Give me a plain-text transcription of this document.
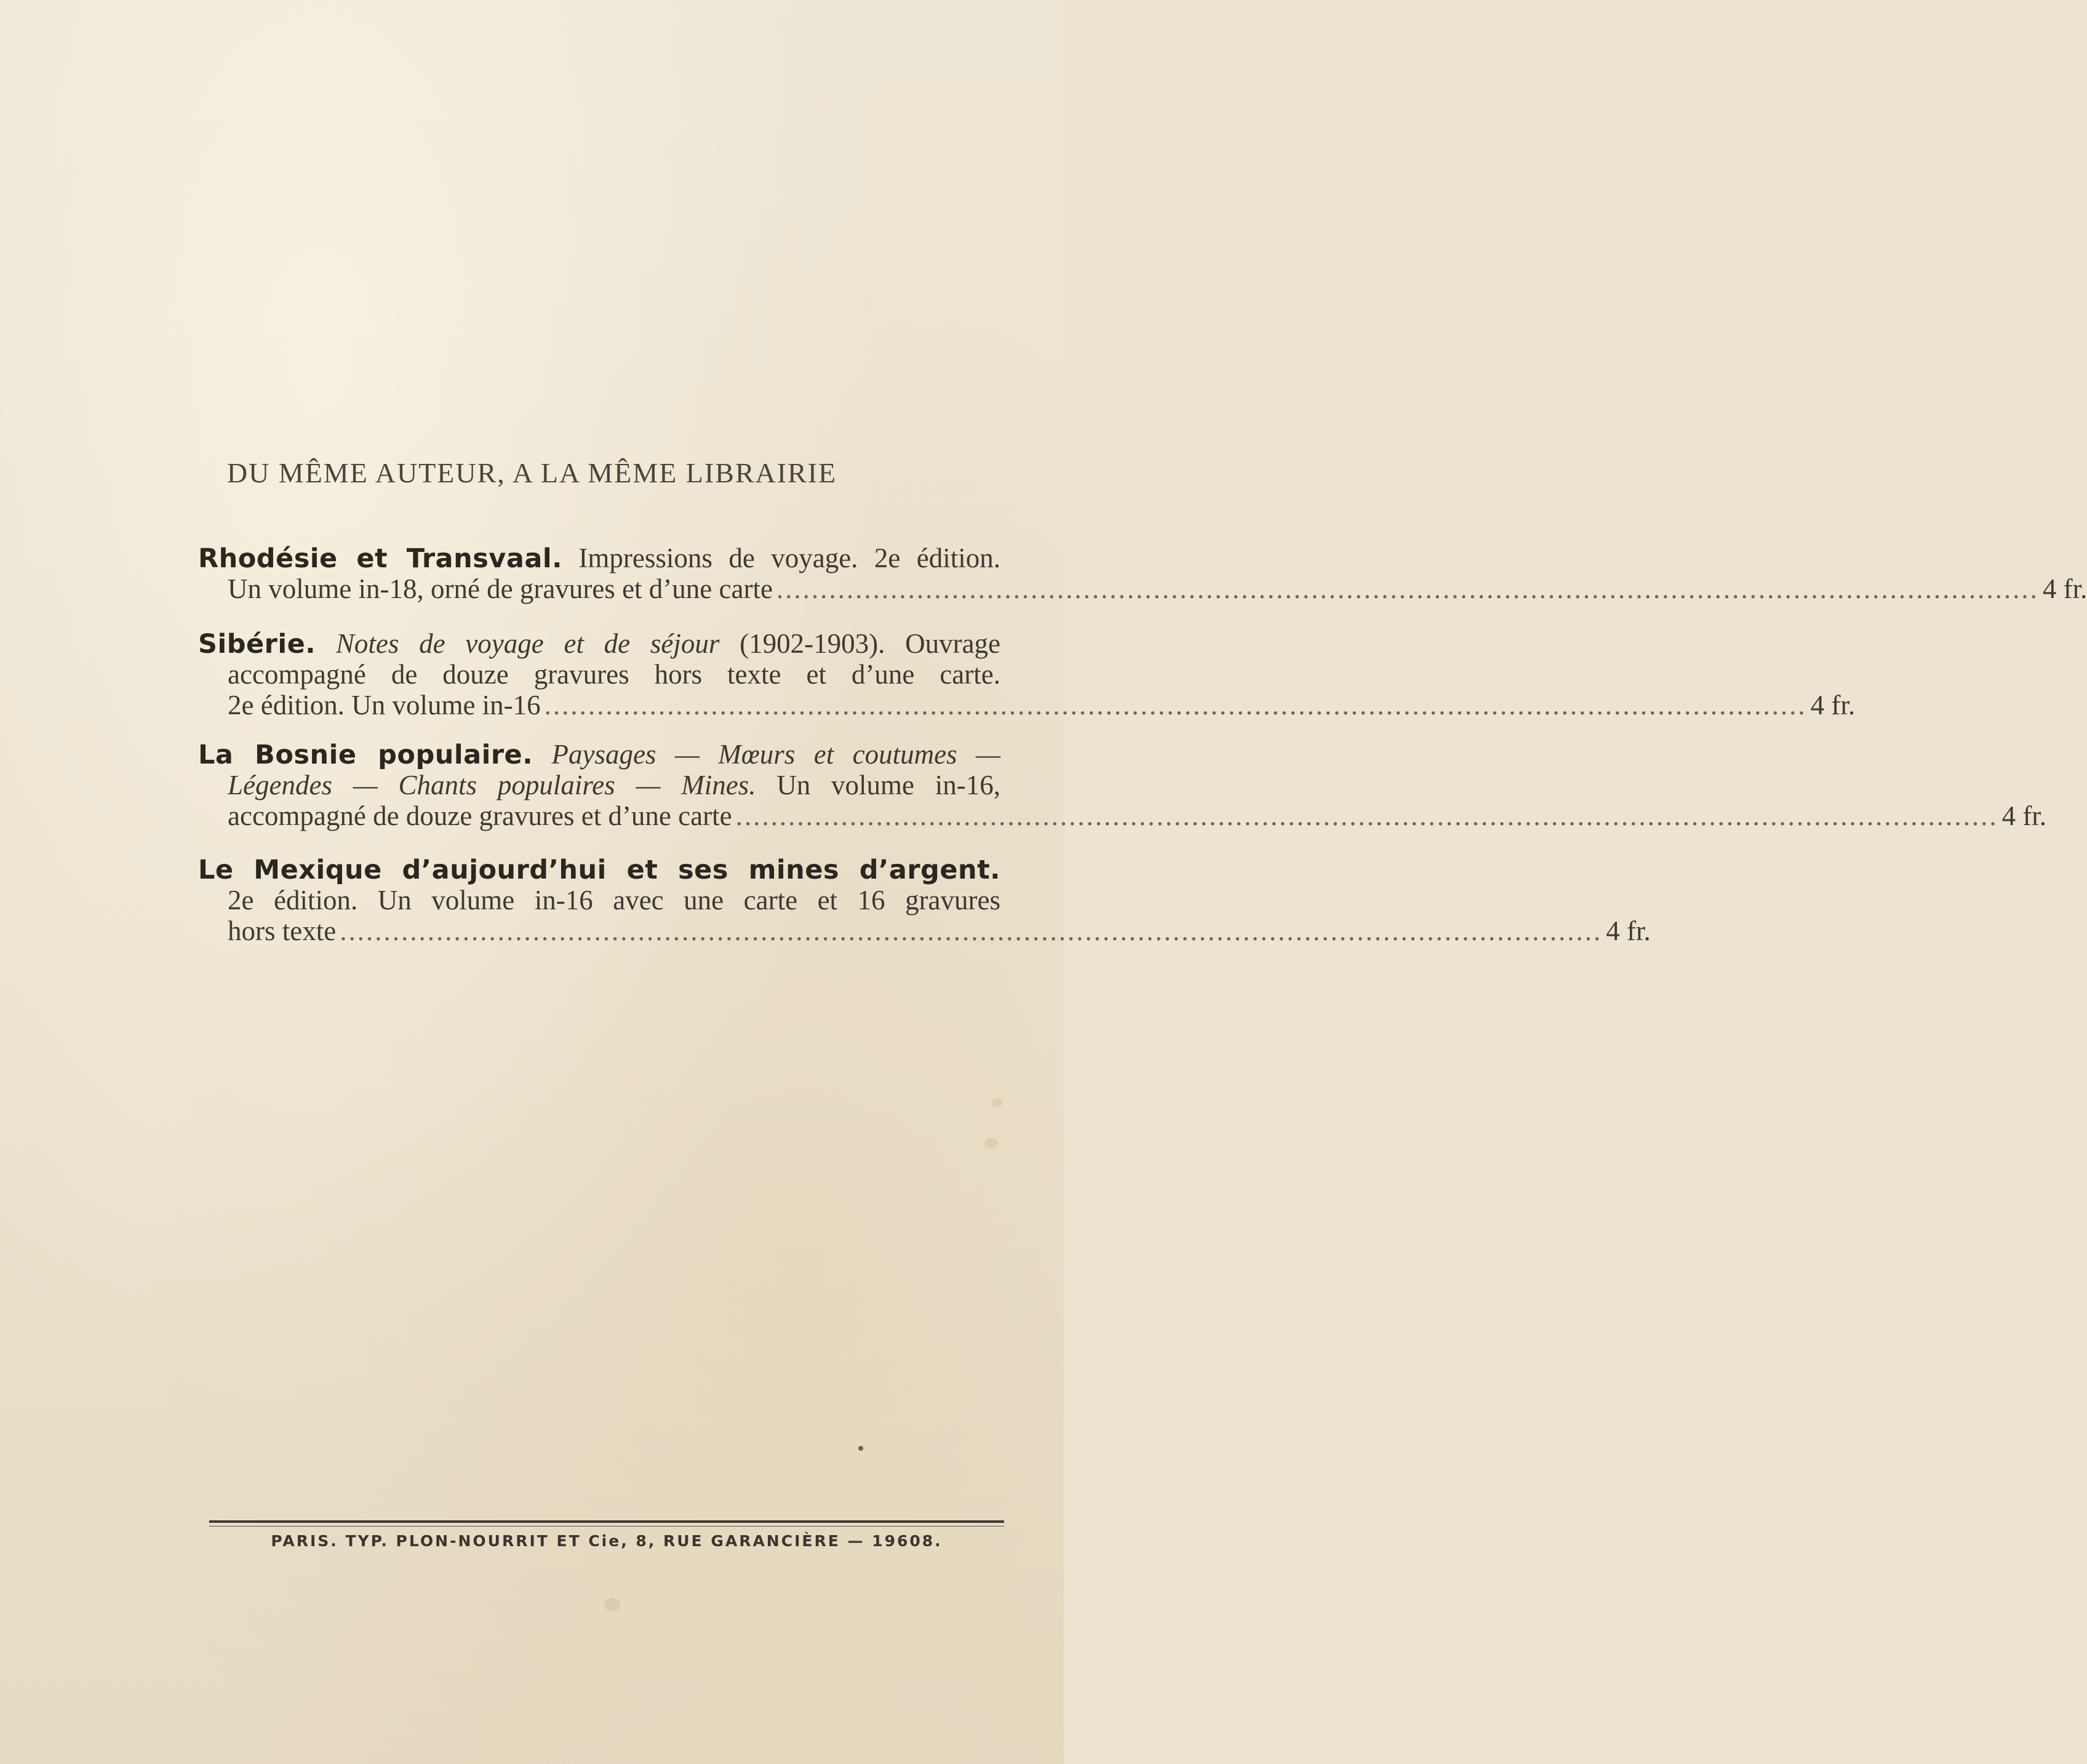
DU MÊME AUTEUR, A LA MÊME LIBRAIRIE
Rhodésie et Transvaal. Impressions de voyage. 2e édition.
Un volume in-18, orné de gravures et d’une carte .....	4 fr.
Sibérie. Notes de voyage et de séjour (1902-1903). Ouvrage
accompagné de douze gravures hors texte et d’une carte.
2e édition. Un volume in-16 .....	4 fr.
La Bosnie populaire. Paysages — Mœurs et coutumes —
Légendes — Chants populaires — Mines. Un volume in-16,
accompagné de douze gravures et d’une carte .....	4 fr.
Le Mexique d’aujourd’hui et ses mines d’argent.
2e édition. Un volume in-16 avec une carte et 16 gravures
hors texte .....	4 fr.
PARIS. TYP. PLON-NOURRIT ET Cie, 8, RUE GARANCIÈRE — 19608.
